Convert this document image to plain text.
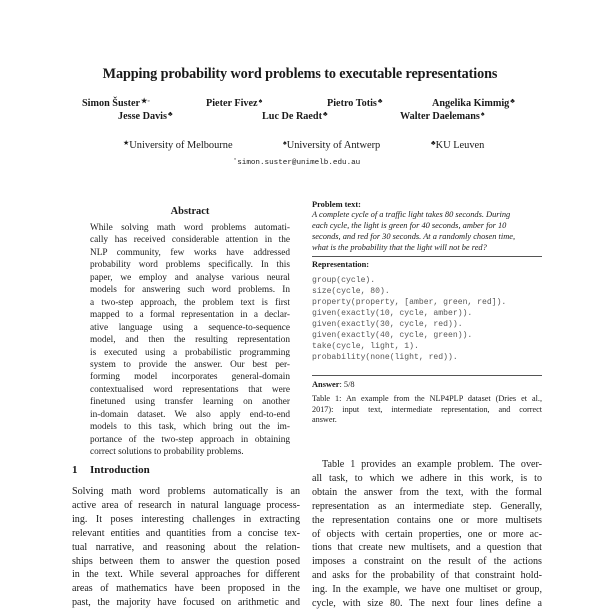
Mapping probability word problems to executable representations
Simon Šuster★◦	Pieter Fivez♠	Pietro Totis♣	Angelika Kimmig♣
Jesse Davis♣	Luc De Raedt♣	Walter Daelemans♠
★University of Melbourne	♠University of Antwerp	♣KU Leuven
◦simon.suster@unimelb.edu.au
Abstract
While solving math word problems automati-
cally has received considerable attention in the
NLP community, few works have addressed
probability word problems specifically. In this
paper, we employ and analyse various neural
models for answering such word problems. In
a two-step approach, the problem text is first
mapped to a formal representation in a declar-
ative language using a sequence-to-sequence
model, and then the resulting representation
is executed using a probabilistic programming
system to provide the answer. Our best per-
forming model incorporates general-domain
contextualised word representations that were
finetuned using transfer learning on another
in-domain dataset. We also apply end-to-end
models to this task, which bring out the im-
portance of the two-step approach in obtaining
correct solutions to probability problems.
1 Introduction
Solving math word problems automatically is an
active area of research in natural language process-
ing. It poses interesting challenges in extracting
relevant entities and quantities from a concise tex-
tual narrative, and reasoning about the relation-
ships between them to answer the question posed
in the text. While several approaches for different
areas of mathematics have been proposed in the
past, the majority have focused on arithmetic and
Problem text:
A complete cycle of a traffic light takes 80 seconds. During
each cycle, the light is green for 40 seconds, amber for 10
seconds, and red for 30 seconds. At a randomly chosen time,
what is the probability that the light will not be red?
Representation:
group(cycle).
size(cycle, 80).
property(property, [amber, green, red]).
given(exactly(10, cycle, amber)).
given(exactly(30, cycle, red)).
given(exactly(40, cycle, green)).
take(cycle, light, 1).
probability(none(light, red)).
Answer: 5/8
Table 1: An example from the NLP4PLP dataset (Dries et al.,
2017): input text, intermediate representation, and correct
answer.
Table 1 provides an example problem. The over-
all task, to which we adhere in this work, is to
obtain the answer from the text, with the formal
representation as an intermediate step. Generally,
the representation contains one or more multisets
of objects with certain properties, one or more ac-
tions that create new multisets, and a question that
imposes a constraint on the result of the actions
and asks for the probability of that constraint hold-
ing. In the example, we have one multiset or group,
cycle, with size 80. The next four lines define a
